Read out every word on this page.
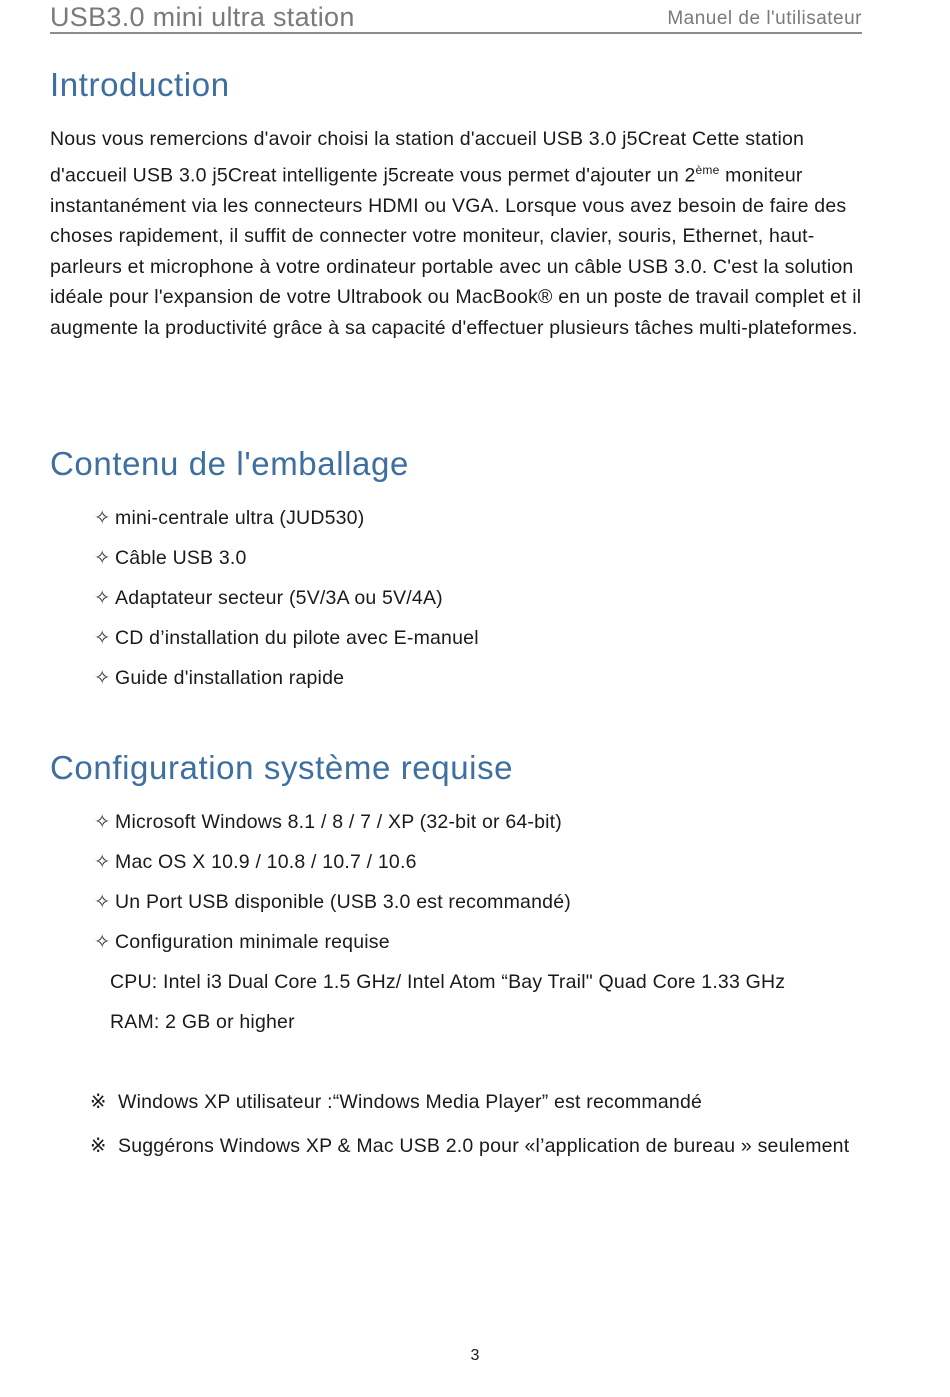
USB3.0 mini ultra station	Manuel de l'utilisateur
Introduction

Nous vous remercions d'avoir choisi la station d'accueil USB 3.0 j5Creat Cette station d'accueil USB 3.0 j5Creat intelligente j5create vous permet d'ajouter un 2ème moniteur instantanément via les connecteurs HDMI ou VGA. Lorsque vous avez besoin de faire des choses rapidement, il suffit de connecter votre moniteur, clavier, souris, Ethernet, haut-parleurs et microphone à votre ordinateur portable avec un câble USB 3.0. C'est la solution idéale pour l'expansion de votre Ultrabook ou MacBook® en un poste de travail complet et il augmente la productivité grâce à sa capacité d'effectuer plusieurs tâches multi-plateformes.

Contenu de l'emballage
✧ mini-centrale ultra (JUD530)
✧ Câble USB 3.0
✧ Adaptateur secteur (5V/3A ou 5V/4A)
✧ CD d’installation du pilote avec E-manuel
✧ Guide d'installation rapide
Configuration système requise
✧ Microsoft Windows 8.1 / 8 / 7 / XP (32-bit or 64-bit)
✧ Mac OS X 10.9 / 10.8 / 10.7 / 10.6
✧ Un Port USB disponible (USB 3.0 est recommandé)
✧ Configuration minimale requise

CPU: Intel i3 Dual Core 1.5 GHz/ Intel Atom “Bay Trail" Quad Core 1.33 GHz

RAM: 2 GB or higher

※ Windows XP utilisateur :“Windows Media Player” est recommandé

※ Suggérons Windows XP & Mac USB 2.0 pour «l’application de bureau » seulement

3
